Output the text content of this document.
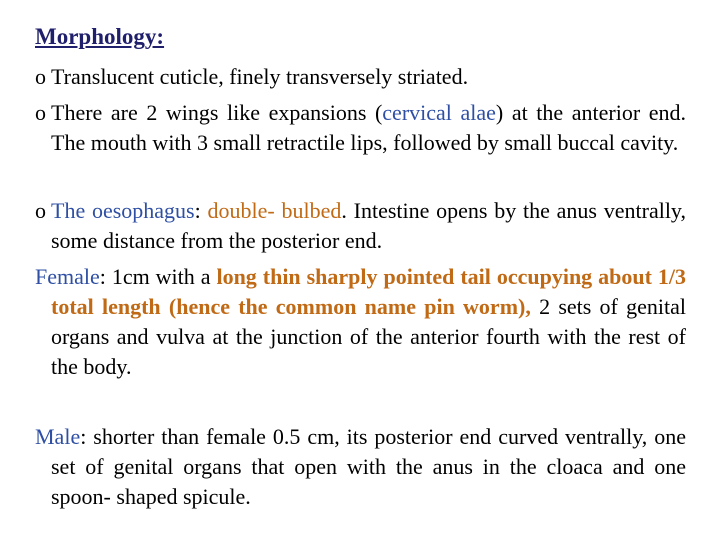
Morphology:
o Translucent cuticle, finely transversely striated.
o There are 2 wings like expansions (cervical alae) at the anterior end. The mouth with 3 small retractile lips, followed by small buccal cavity.
o The oesophagus: double- bulbed. Intestine opens by the anus ventrally, some distance from the posterior end.
Female: 1cm with a long thin sharply pointed tail occupying about 1/3 total length (hence the common name pin worm), 2 sets of genital organs and vulva at the junction of the anterior fourth with the rest of the body.
Male: shorter than female 0.5 cm, its posterior end curved ventrally, one set of genital organs that open with the anus in the cloaca and one spoon- shaped spicule.
